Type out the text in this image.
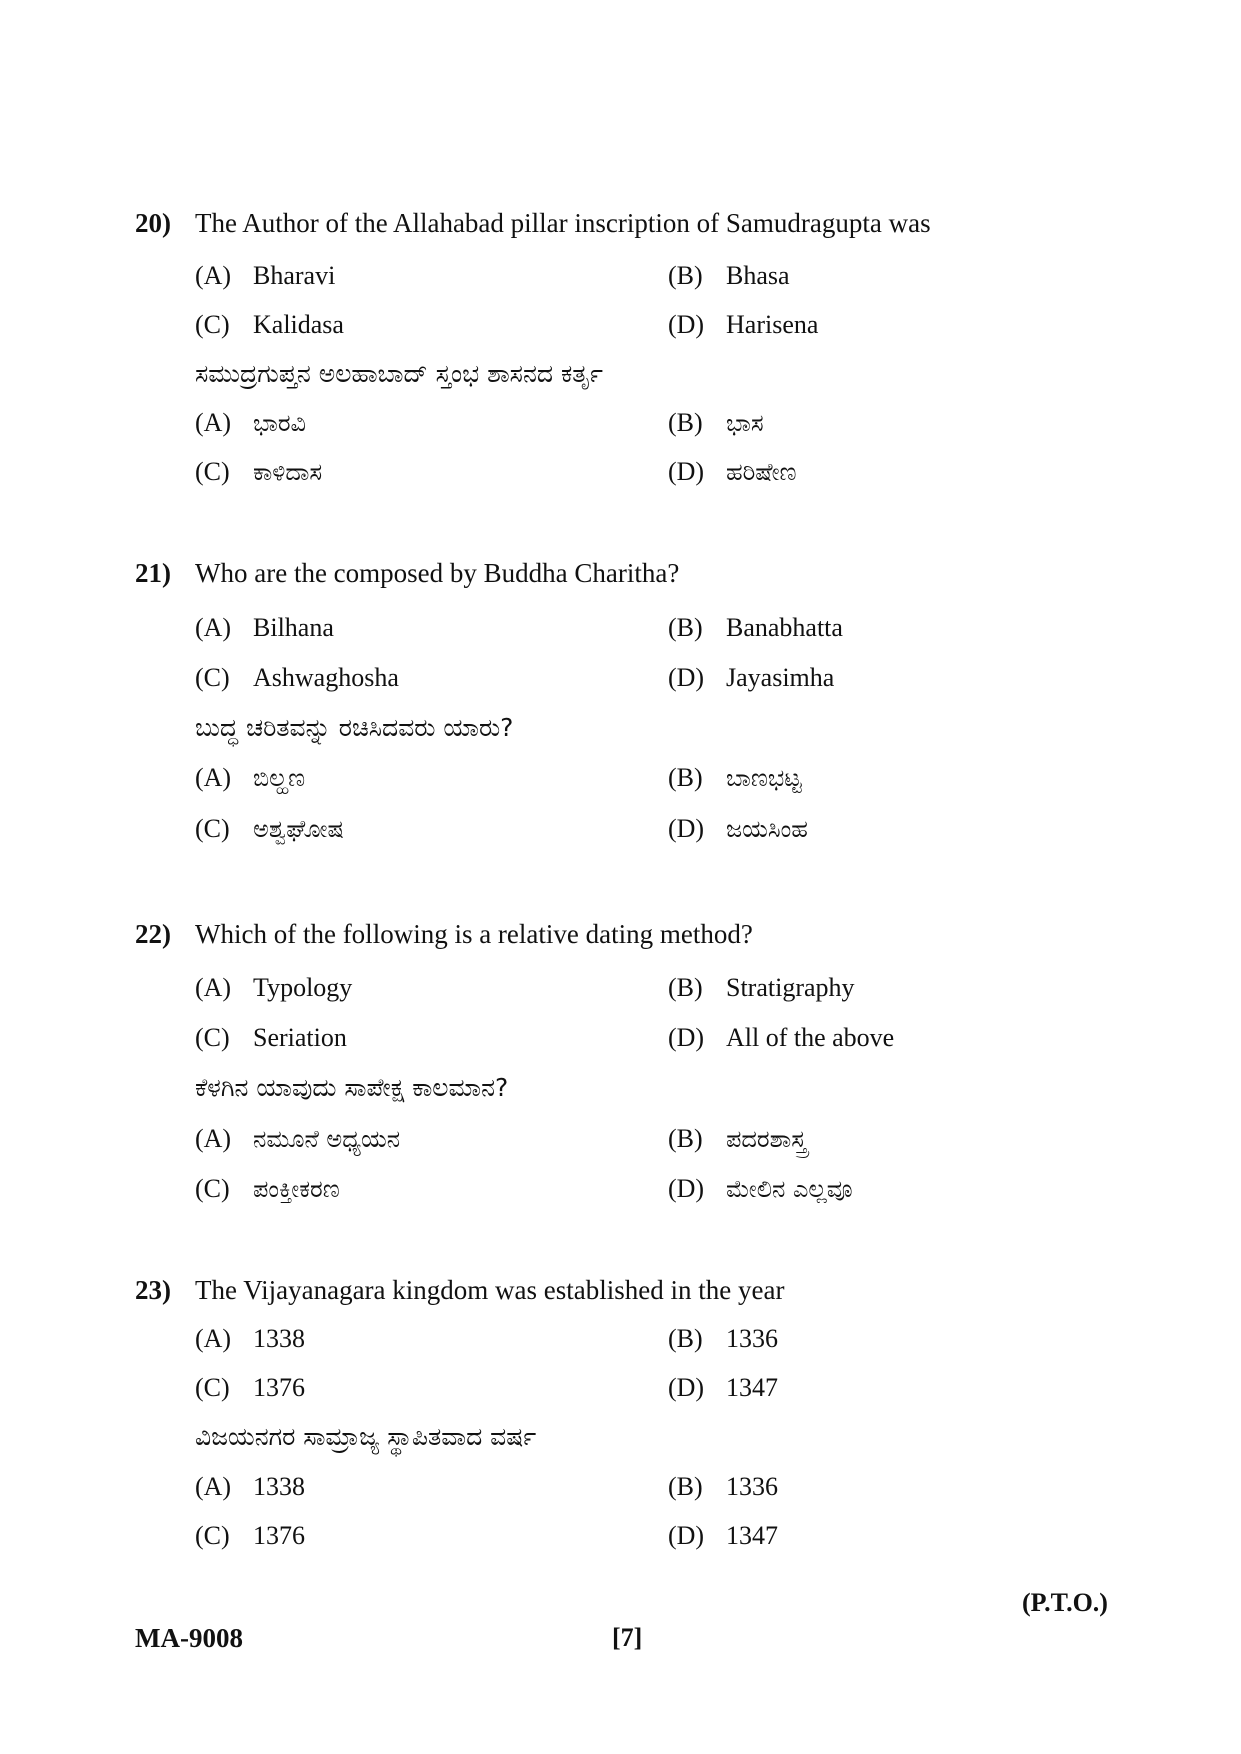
20) The Author of the Allahabad pillar inscription of Samudragupta was
(A) Bharavi	(B) Bhasa
(C) Kalidasa	(D) Harisena
ಸಮುದ್ರಗುಪ್ತನ ಅಲಹಾಬಾದ್ ಸ್ತಂಭ ಶಾಸನದ ಕರ್ತೃ
(A) ಭಾರವಿ	(B) ಭಾಸ
(C) ಕಾಳಿದಾಸ	(D) ಹರಿಷೇಣ
21) Who are the composed by Buddha Charitha?
(A) Bilhana	(B) Banabhatta
(C) Ashwaghosha	(D) Jayasimha
ಬುದ್ಧ ಚರಿತವನ್ನು ರಚಿಸಿದವರು ಯಾರು?
(A) ಬಿಲ್ಹಣ	(B) ಬಾಣಭಟ್ಟ
(C) ಅಶ್ವಘೋಷ	(D) ಜಯಸಿಂಹ
22) Which of the following is a relative dating method?
(A) Typology	(B) Stratigraphy
(C) Seriation	(D) All of the above
ಕೆಳಗಿನ ಯಾವುದು ಸಾಪೇಕ್ಷ ಕಾಲಮಾನ?
(A) ನಮೂನೆ ಅಧ್ಯಯನ	(B) ಪದರಶಾಸ್ತ್ರ
(C) ಪಂಕ್ತೀಕರಣ	(D) ಮೇಲಿನ ಎಲ್ಲವೂ
23) The Vijayanagara kingdom was established in the year
(A) 1338	(B) 1336
(C) 1376	(D) 1347
ವಿಜಯನಗರ ಸಾಮ್ರಾಜ್ಯ ಸ್ಥಾಪಿತವಾದ ವರ್ಷ
(A) 1338	(B) 1336
(C) 1376	(D) 1347
(P.T.O.)
MA-9008	[7]
